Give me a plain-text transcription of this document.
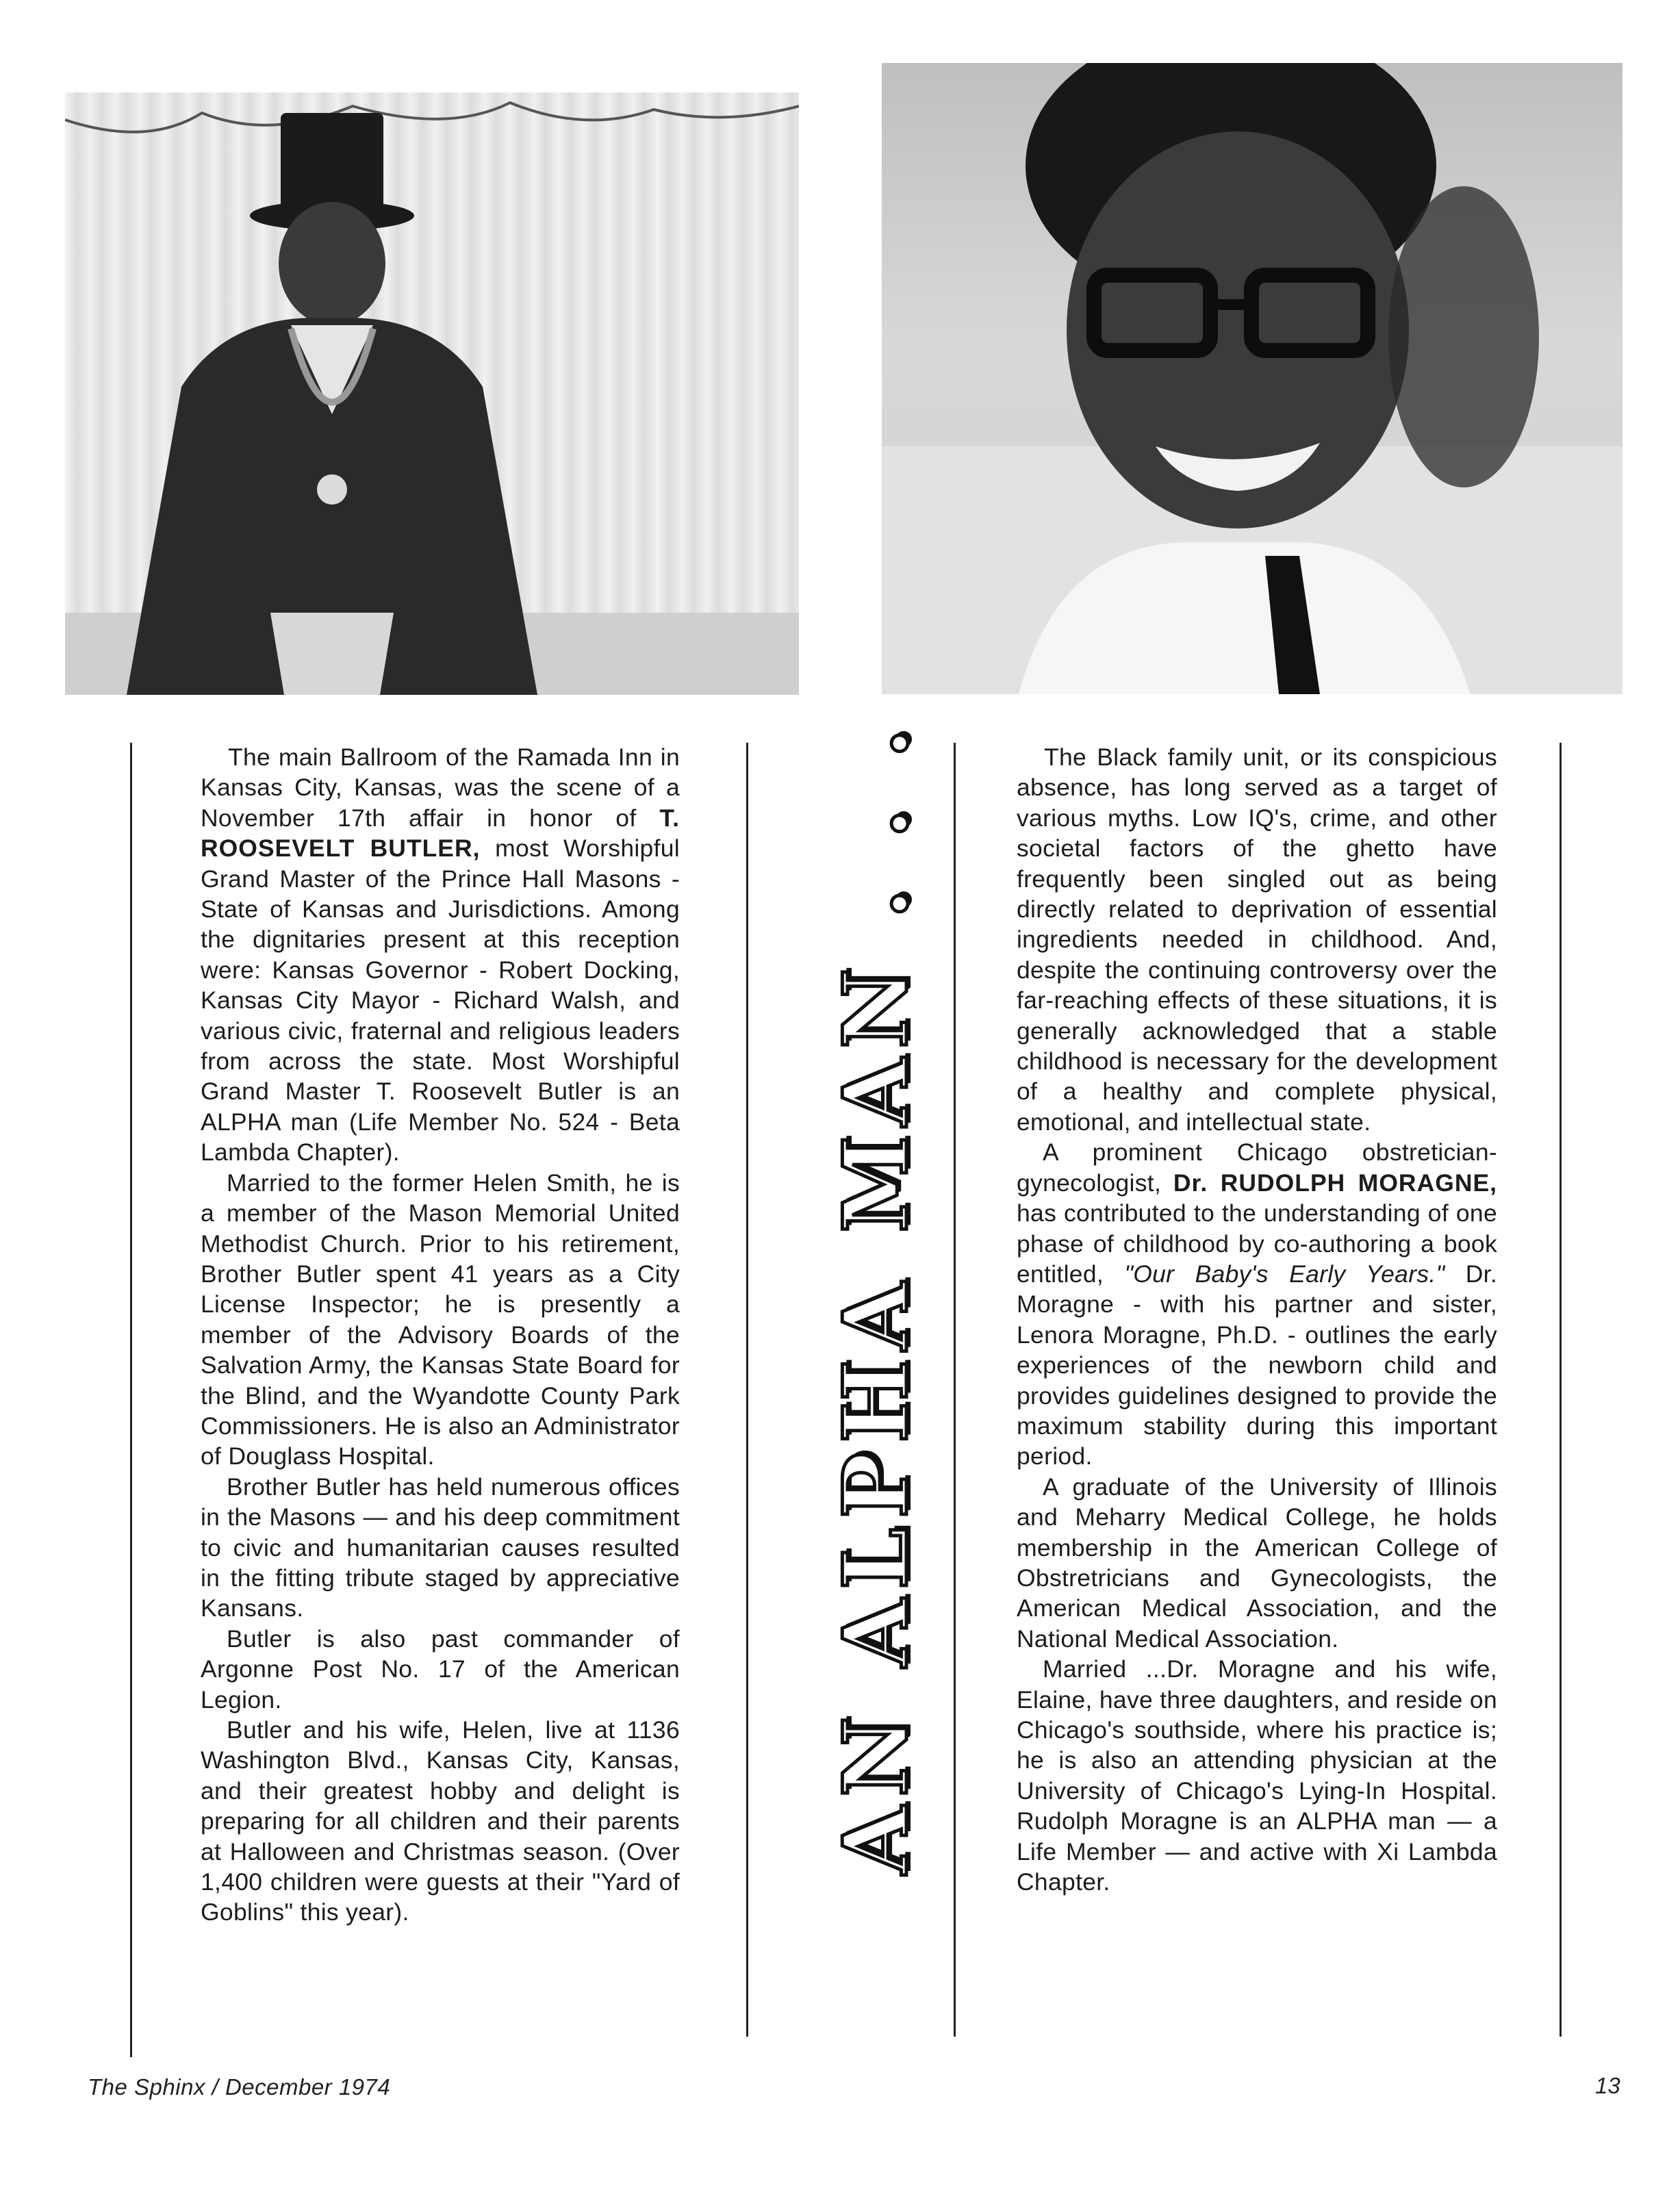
The main Ballroom of the Ramada Inn in Kansas City, Kansas, was the scene of a November 17th affair in honor of T. ROOSEVELT BUTLER, most Worshipful Grand Master of the Prince Hall Masons - State of Kansas and Jurisdictions. Among the dignitaries present at this reception were: Kansas Governor - Robert Docking, Kansas City Mayor - Richard Walsh, and various civic, fraternal and religious leaders from across the state. Most Worshipful Grand Master T. Roosevelt Butler is an ALPHA man (Life Member No. 524 - Beta Lambda Chapter).

Married to the former Helen Smith, he is a member of the Mason Memorial United Methodist Church. Prior to his retirement, Brother Butler spent 41 years as a City License Inspector; he is presently a member of the Advisory Boards of the Salvation Army, the Kansas State Board for the Blind, and the Wyandotte County Park Commissioners. He is also an Administrator of Douglass Hospital.

Brother Butler has held numerous offices in the Masons — and his deep commitment to civic and humanitarian causes resulted in the fitting tribute staged by appreciative Kansans.

Butler is also past commander of Argonne Post No. 17 of the American Legion.

Butler and his wife, Helen, live at 1136 Washington Blvd., Kansas City, Kansas, and their greatest hobby and delight is preparing for all children and their parents at Halloween and Christmas season. (Over 1,400 children were guests at their "Yard of Goblins" this year).

AN ALPHA MAN . . .	The Black family unit, or its conspicious absence, has long served as a target of various myths. Low IQ's, crime, and other societal factors of the ghetto have frequently been singled out as being directly related to deprivation of essential ingredients needed in childhood. And, despite the continuing controversy over the far-reaching effects of these situations, it is generally acknowledged that a stable childhood is necessary for the development of a healthy and complete physical, emotional, and intellectual state.

A prominent Chicago obstretician-gynecologist, Dr. RUDOLPH MORAGNE, has contributed to the understanding of one phase of childhood by co-authoring a book entitled, "Our Baby's Early Years." Dr. Moragne - with his partner and sister, Lenora Moragne, Ph.D. - outlines the early experiences of the newborn child and provides guidelines designed to provide the maximum stability during this important period.

A graduate of the University of Illinois and Meharry Medical College, he holds membership in the American College of Obstretricians and Gynecologists, the American Medical Association, and the National Medical Association.

Married ...Dr. Moragne and his wife, Elaine, have three daughters, and reside on Chicago's southside, where his practice is; he is also an attending physician at the University of Chicago's Lying-In Hospital. Rudolph Moragne is an ALPHA man — a Life Member — and active with Xi Lambda Chapter.

The Sphinx / December 1974	13
